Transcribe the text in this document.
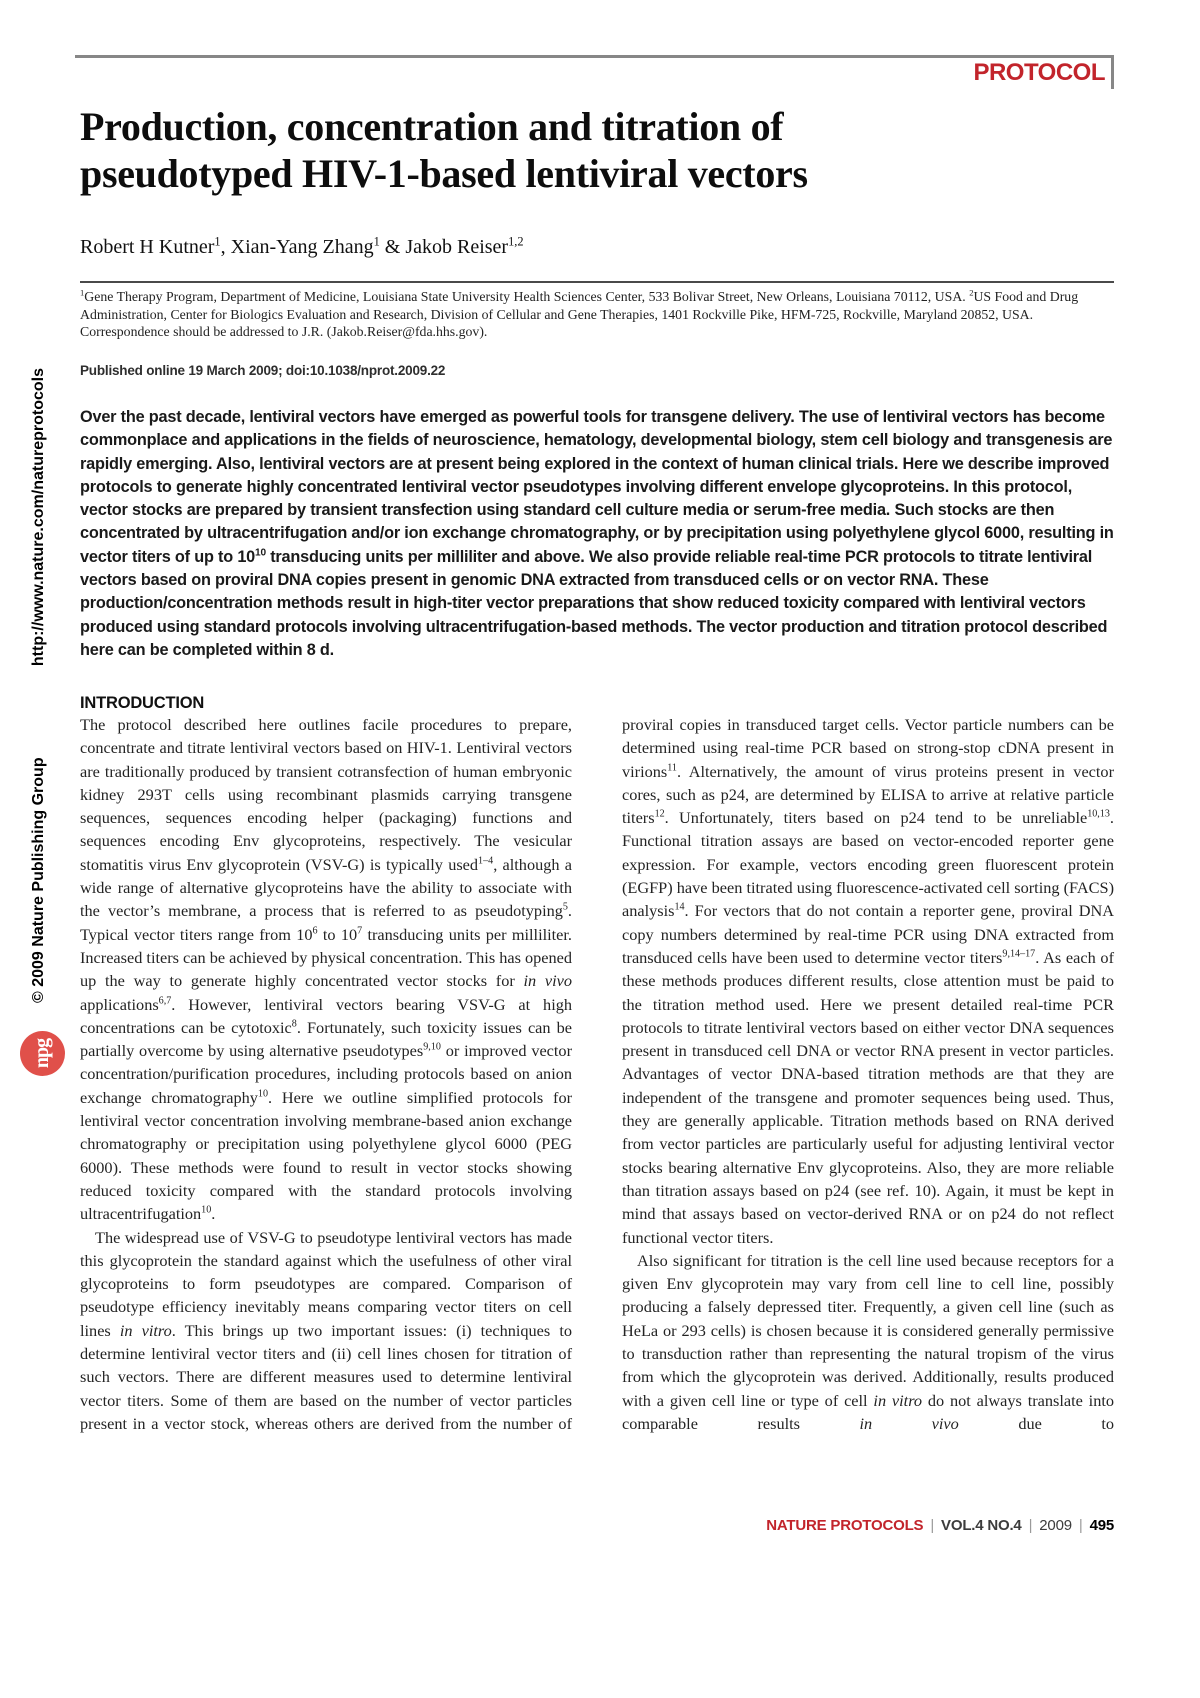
PROTOCOL
Production, concentration and titration of
pseudotyped HIV-1-based lentiviral vectors
Robert H Kutner$^1$, Xian-Yang Zhang$^1$ & Jakob Reiser$^{1,2}$
$^1$Gene Therapy Program, Department of Medicine, Louisiana State University Health Sciences Center, 533 Bolivar Street, New Orleans, Louisiana 70112, USA. $^2$US Food and Drug Administration, Center for Biologics Evaluation and Research, Division of Cellular and Gene Therapies, 1401 Rockville Pike, HFM-725, Rockville, Maryland 20852, USA. Correspondence should be addressed to J.R. (Jakob.Reiser@fda.hhs.gov).
Published online 19 March 2009; doi:10.1038/nprot.2009.22
Over the past decade, lentiviral vectors have emerged as powerful tools for transgene delivery. The use of lentiviral vectors has become commonplace and applications in the fields of neuroscience, hematology, developmental biology, stem cell biology and transgenesis are rapidly emerging. Also, lentiviral vectors are at present being explored in the context of human clinical trials. Here we describe improved protocols to generate highly concentrated lentiviral vector pseudotypes involving different envelope glycoproteins. In this protocol, vector stocks are prepared by transient transfection using standard cell culture media or serum-free media. Such stocks are then concentrated by ultracentrifugation and/or ion exchange chromatography, or by precipitation using polyethylene glycol 6000, resulting in vector titers of up to $10^{10}$ transducing units per milliliter and above. We also provide reliable real-time PCR protocols to titrate lentiviral vectors based on proviral DNA copies present in genomic DNA extracted from transduced cells or on vector RNA. These production/concentration methods result in high-titer vector preparations that show reduced toxicity compared with lentiviral vectors produced using standard protocols involving ultracentrifugation-based methods. The vector production and titration protocol described here can be completed within 8 d.
INTRODUCTION

The protocol described here outlines facile procedures to prepare, concentrate and titrate lentiviral vectors based on HIV-1. Lentiviral vectors are traditionally produced by transient cotransfection of human embryonic kidney 293T cells using recombinant plasmids carrying transgene sequences, sequences encoding helper (packaging) functions and sequences encoding Env glycoproteins, respectively. The vesicular stomatitis virus Env glycoprotein (VSV-G) is typically used$^{1-4}$, although a wide range of alternative glycoproteins have the ability to associate with the vector’s membrane, a process that is referred to as pseudotyping$^5$. Typical vector titers range from $10^6$ to $10^7$ transducing units per milliliter. Increased titers can be achieved by physical concentration. This has opened up the way to generate highly concentrated vector stocks for in vivo applications$^{6,7}$. However, lentiviral vectors bearing VSV-G at high concentrations can be cytotoxic$^8$. Fortunately, such toxicity issues can be partially overcome by using alternative pseudotypes$^{9,10}$ or improved vector concentration/purification procedures, including protocols based on anion exchange chromatography$^{10}$. Here we outline simplified protocols for lentiviral vector concentration involving membrane-based anion exchange chromatography or precipitation using polyethylene glycol 6000 (PEG 6000). These methods were found to result in vector stocks showing reduced toxicity compared with the standard protocols involving ultracentrifugation$^{10}$.

The widespread use of VSV-G to pseudotype lentiviral vectors has made this glycoprotein the standard against which the usefulness of other viral glycoproteins to form pseudotypes are compared. Comparison of pseudotype efficiency inevitably means comparing vector titers on cell lines in vitro. This brings up two important issues: (i) techniques to determine lentiviral vector titers and (ii) cell lines chosen for titration of such vectors. There are different measures used to determine lentiviral vector titers. Some of them are based on the number of vector particles present in a vector stock, whereas others are derived from the number of

proviral copies in transduced target cells. Vector particle numbers can be determined using real-time PCR based on strong-stop cDNA present in virions$^{11}$. Alternatively, the amount of virus proteins present in vector cores, such as p24, are determined by ELISA to arrive at relative particle titers$^{12}$. Unfortunately, titers based on p24 tend to be unreliable$^{10,13}$. Functional titration assays are based on vector-encoded reporter gene expression. For example, vectors encoding green fluorescent protein (EGFP) have been titrated using fluorescence-activated cell sorting (FACS) analysis$^{14}$. For vectors that do not contain a reporter gene, proviral DNA copy numbers determined by real-time PCR using DNA extracted from transduced cells have been used to determine vector titers$^{9,14-17}$. As each of these methods produces different results, close attention must be paid to the titration method used. Here we present detailed real-time PCR protocols to titrate lentiviral vectors based on either vector DNA sequences present in transduced cell DNA or vector RNA present in vector particles. Advantages of vector DNA-based titration methods are that they are independent of the transgene and promoter sequences being used. Thus, they are generally applicable. Titration methods based on RNA derived from vector particles are particularly useful for adjusting lentiviral vector stocks bearing alternative Env glycoproteins. Also, they are more reliable than titration assays based on p24 (see ref. 10). Again, it must be kept in mind that assays based on vector-derived RNA or on p24 do not reflect functional vector titers.

Also significant for titration is the cell line used because receptors for a given Env glycoprotein may vary from cell line to cell line, possibly producing a falsely depressed titer. Frequently, a given cell line (such as HeLa or 293 cells) is chosen because it is considered generally permissive to transduction rather than representing the natural tropism of the virus from which the glycoprotein was derived. Additionally, results produced with a given cell line or type of cell in vitro do not always translate into comparable results in vivo due to

© 2009 Nature Publishing Group
http://www.nature.com/natureprotocols
npg
NATURE PROTOCOLS | VOL.4 NO.4 | 2009 | 495
